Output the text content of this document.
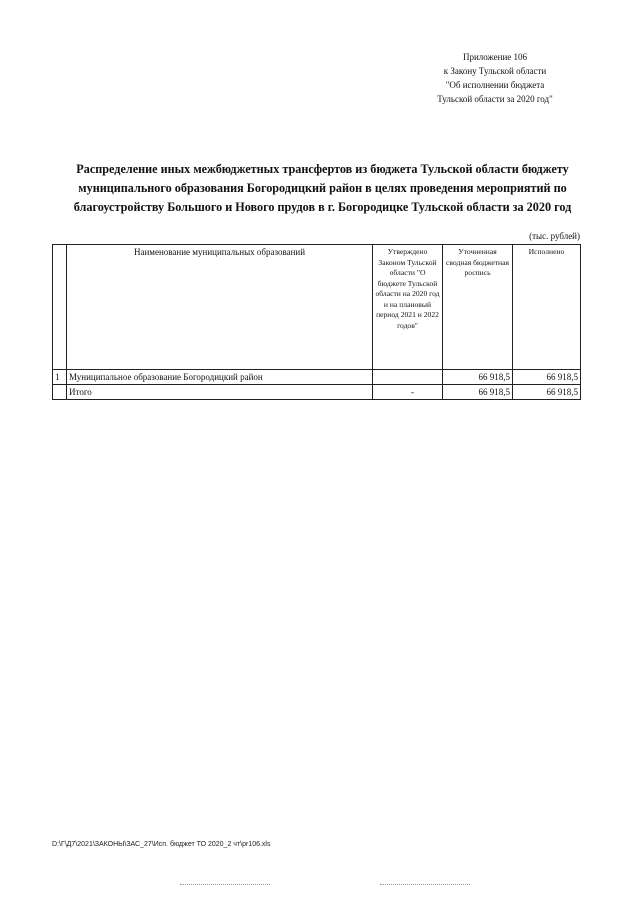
Приложение 106
к Закону Тульской области
"Об исполнении бюджета
Тульской области за 2020 год"
Распределение иных межбюджетных трансфертов из бюджета Тульской области бюджету
муниципального образования Богородицкий район в целях проведения мероприятий по
благоустройству Большого и Нового прудов в г. Богородицке Тульской области за 2020 год
(тыс. рублей)
	Наименование муниципальных образований	Утверждено Законом Тульской области "О бюджете Тульской области на 2020 год и на плановый период 2021 и 2022 годов"	Уточненная сводная бюджетная роспись	Исполнено
1	Муниципальное образование Богородицкий район		66 918,5	66 918,5
	Итого	-	66 918,5	66 918,5
D:\Г\Д7\2021\ЗАКОНЫ\ЗАС_27\Исп. бюджет ТО 2020_2 чт\pr106.xls
